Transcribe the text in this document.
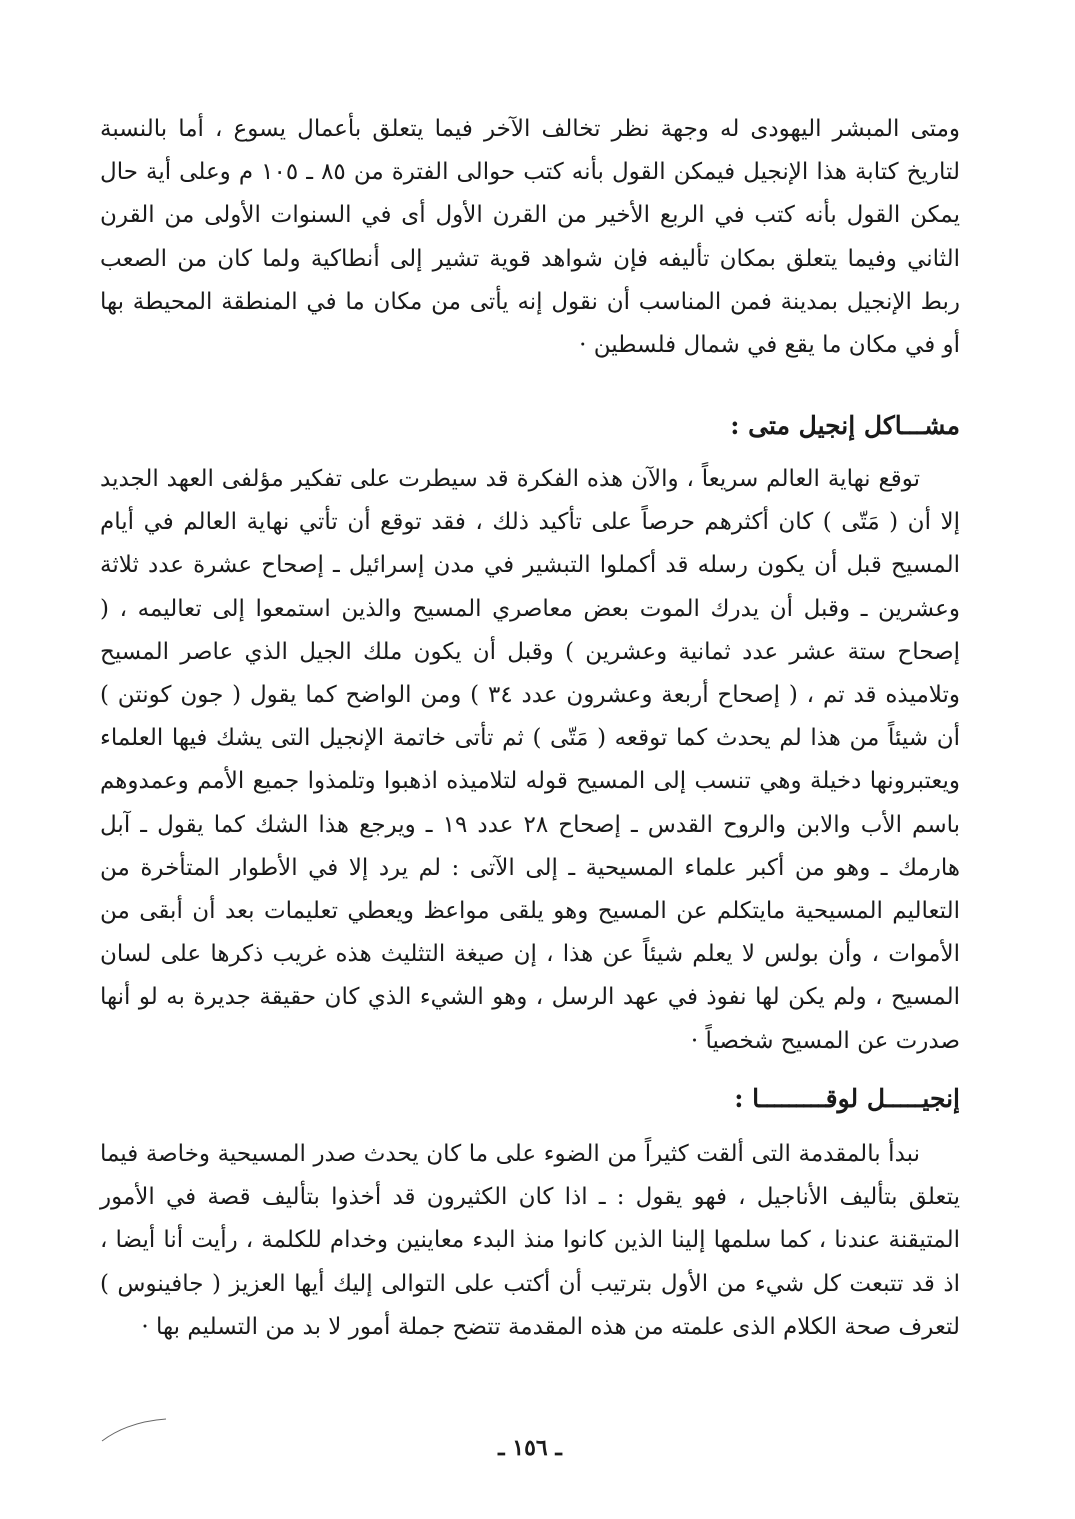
ومتى المبشر اليهودى له وجهة نظر تخالف الآخر فيما يتعلق بأعمال يسوع ، أما بالنسبة لتاريخ كتابة هذا الإنجيل فيمكن القول بأنه كتب حوالى الفترة من ٨٥ ـ ١٠٥ م وعلى أية حال يمكن القول بأنه كتب في الربع الأخير من القرن الأول أى في السنوات الأولى من القرن الثاني وفيما يتعلق بمكان تأليفه فإن شواهد قوية تشير إلى أنطاكية ولما كان من الصعب ربط الإنجيل بمدينة فمن المناسب أن نقول إنه يأتى من مكان ما في المنطقة المحيطة بها أو في مكان ما يقع في شمال فلسطين ·

مشـــاكل إنجيل متى :

توقع نهاية العالم سريعاً ، والآن هذه الفكرة قد سيطرت على تفكير مؤلفى العهد الجديد إلا أن ( مَتّى ) كان أكثرهم حرصاً على تأكيد ذلك ، فقد توقع أن تأتي نهاية العالم في أيام المسيح قبل أن يكون رسله قد أكملوا التبشير في مدن إسرائيل ـ إصحاح عشرة عدد ثلاثة وعشرين ـ وقبل أن يدرك الموت بعض معاصري المسيح والذين استمعوا إلى تعاليمه ، ( إصحاح ستة عشر عدد ثمانية وعشرين ) وقبل أن يكون ملك الجيل الذي عاصر المسيح وتلاميذه قد تم ، ( إصحاح أربعة وعشرون عدد ٣٤ ) ومن الواضح كما يقول ( جون كونتن ) أن شيئاً من هذا لم يحدث كما توقعه ( مَتّى ) ثم تأتى خاتمة الإنجيل التى يشك فيها العلماء ويعتبرونها دخيلة وهي تنسب إلى المسيح قوله لتلاميذه اذهبوا وتلمذوا جميع الأمم وعمدوهم باسم الأب والابن والروح القدس ـ إصحاح ٢٨ عدد ١٩ ـ ويرجع هذا الشك كما يقول ـ آبل هارمك ـ وهو من أكبر علماء المسيحية ـ إلى الآتى : لم يرد إلا في الأطوار المتأخرة من التعاليم المسيحية مايتكلم عن المسيح وهو يلقى مواعظ ويعطي تعليمات بعد أن أبقى من الأموات ، وأن بولس لا يعلم شيئاً عن هذا ، إن صيغة التثليث هذه غريب ذكرها على لسان المسيح ، ولم يكن لها نفوذ في عهد الرسل ، وهو الشيء الذي كان حقيقة جديرة به لو أنها صدرت عن المسيح شخصياً ·

إنجيـــــل لوقـــــــــا :

نبدأ بالمقدمة التى ألقت كثيراً من الضوء على ما كان يحدث صدر المسيحية وخاصة فيما يتعلق بتأليف الأناجيل ، فهو يقول : ـ اذا كان الكثيرون قد أخذوا بتأليف قصة في الأمور المتيقنة عندنا ، كما سلمها إلينا الذين كانوا منذ البدء معاينين وخدام للكلمة ، رأيت أنا أيضا ، اذ قد تتبعت كل شيء من الأول بترتيب أن أكتب على التوالى إليك أيها العزيز ( جافينوس ) لتعرف صحة الكلام الذى علمته من هذه المقدمة تتضح جملة أمور لا بد من التسليم بها ·

ـ ١٥٦ ـ
